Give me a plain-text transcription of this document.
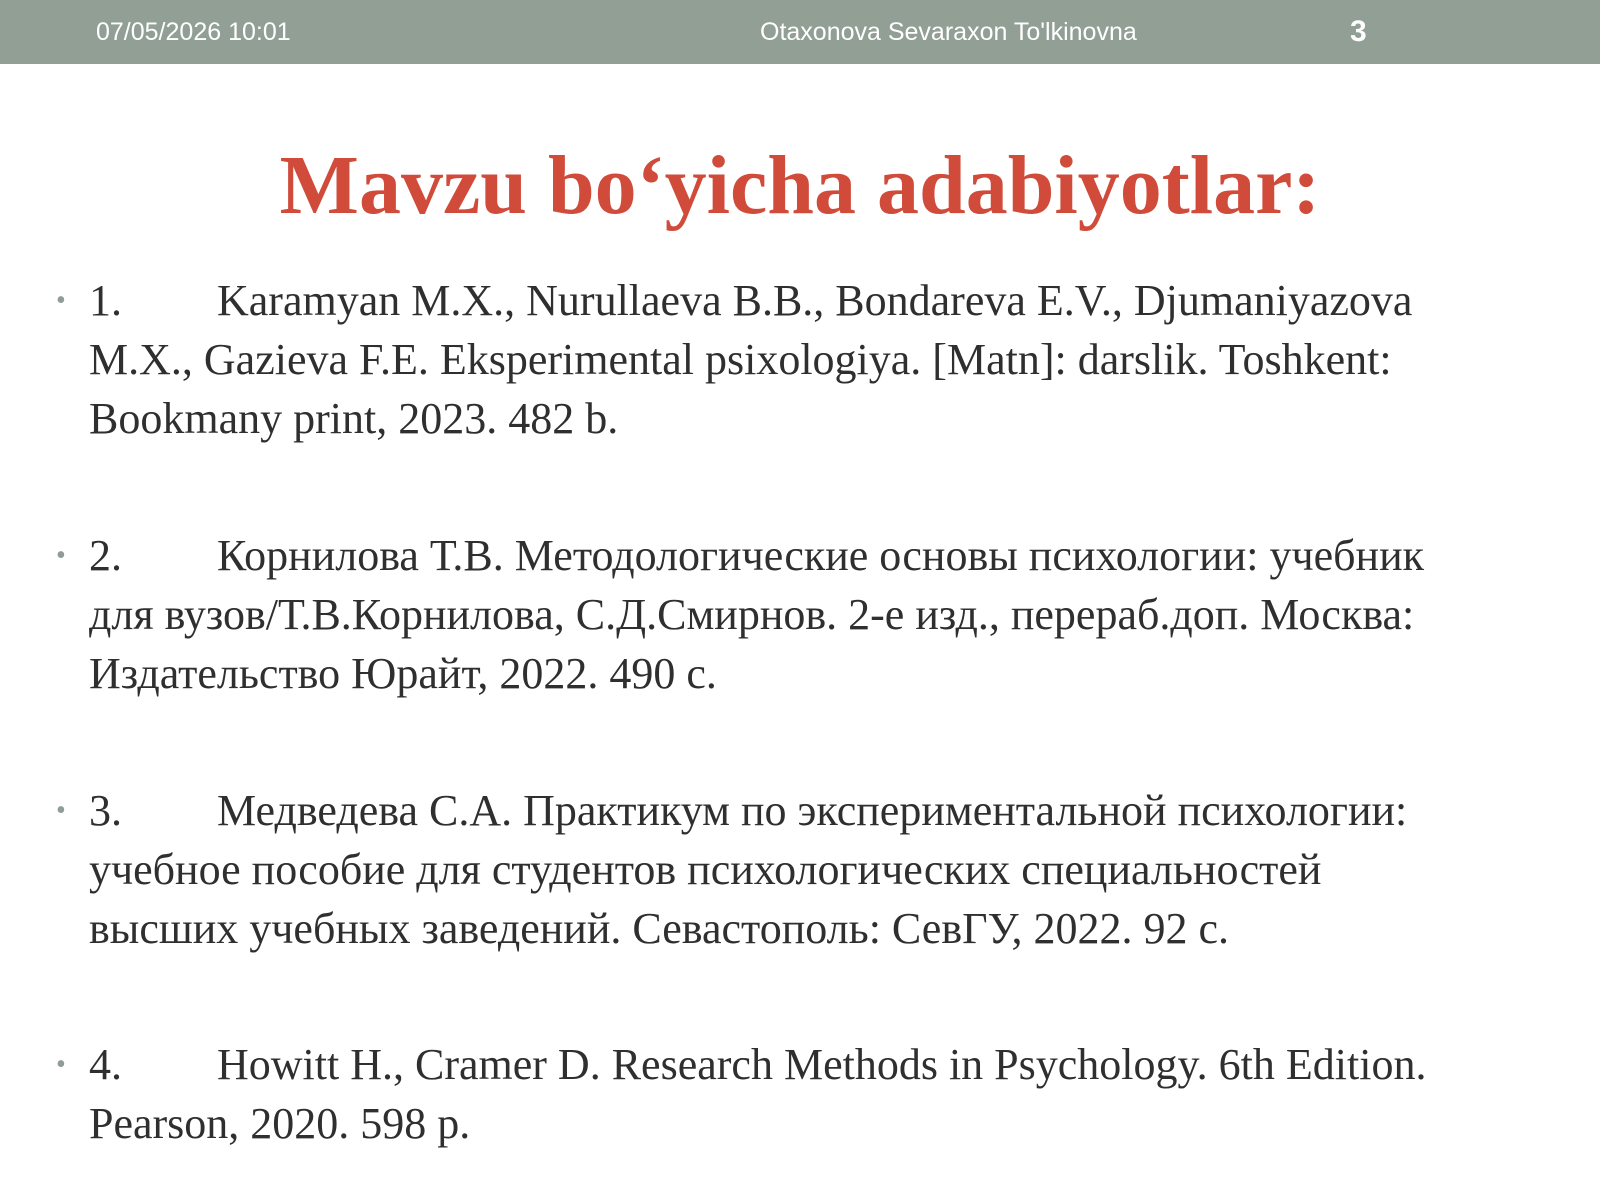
07/05/2026 10:01	Otaxonova Sevaraxon To'lkinovna	3
Mavzu bo‘yicha adabiyotlar:
• 1. Karamyan M.X., Nurullaeva B.B., Bondareva E.V., Djumaniyazova
M.X., Gazieva F.E. Eksperimental psixologiya. [Matn]: darslik. Toshkent:
Bookmany print, 2023. 482 b.
• 2. Корнилова Т.В. Методологические основы психологии: учебник
для вузов/Т.В.Корнилова, С.Д.Смирнов. 2-е изд., перераб.доп. Москва:
Издательство Юрайт, 2022. 490 с.
• 3. Медведева С.А. Практикум по экспериментальной психологии:
учебное пособие для студентов психологических специальностей
высших учебных заведений. Севастополь: СевГУ, 2022. 92 с.
• 4. Howitt H., Cramer D. Research Methods in Psychology. 6th Edition.
Pearson, 2020. 598 p.
